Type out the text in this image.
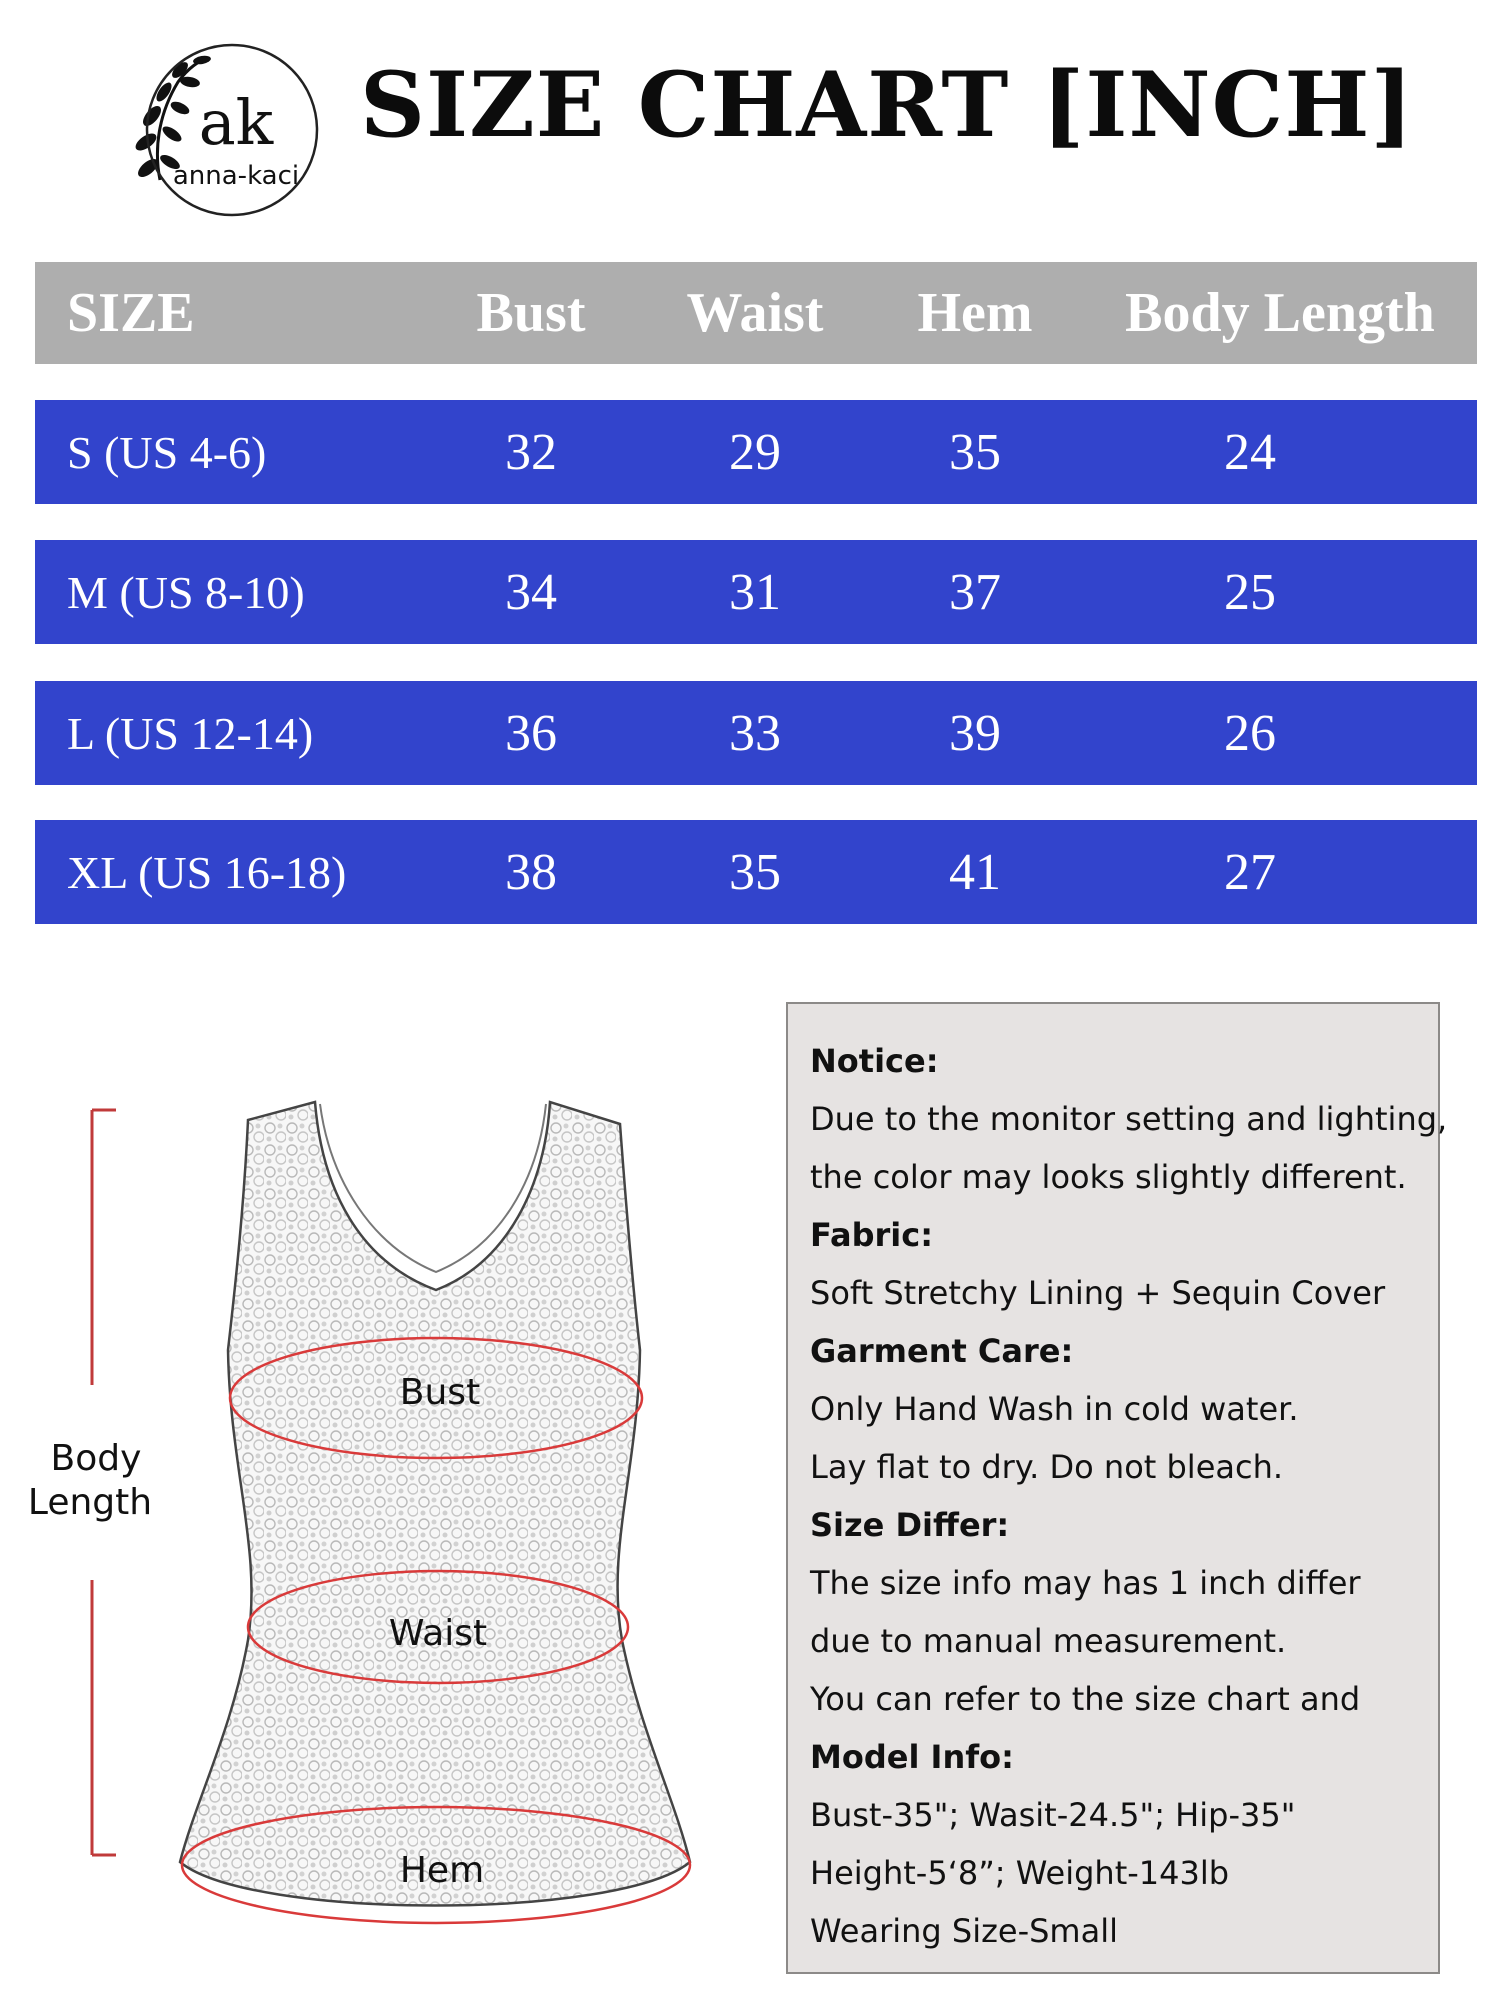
ak
anna-kaci
SIZE CHART [INCH]
SIZE	Bust	Waist	Hem	Body Length
S (US 4-6)	32	29	35	24
M (US 8-10)	34	31	37	25
L (US 12-14)	36	33	39	26
XL (US 16-18)	38	35	41	27
Body
Length
Bust
Waist
Hem
Notice:
Due to the monitor setting and lighting,
the color may looks slightly different.
Fabric:
Soft Stretchy Lining + Sequin Cover
Garment Care:
Only Hand Wash in cold water.
Lay flat to dry. Do not bleach.
Size Differ:
The size info may has 1 inch differ
due to manual measurement.
You can refer to the size chart and
Model Info:
Bust-35"; Wasit-24.5"; Hip-35"
Height-5‘8”; Weight-143lb
Wearing Size-Small
